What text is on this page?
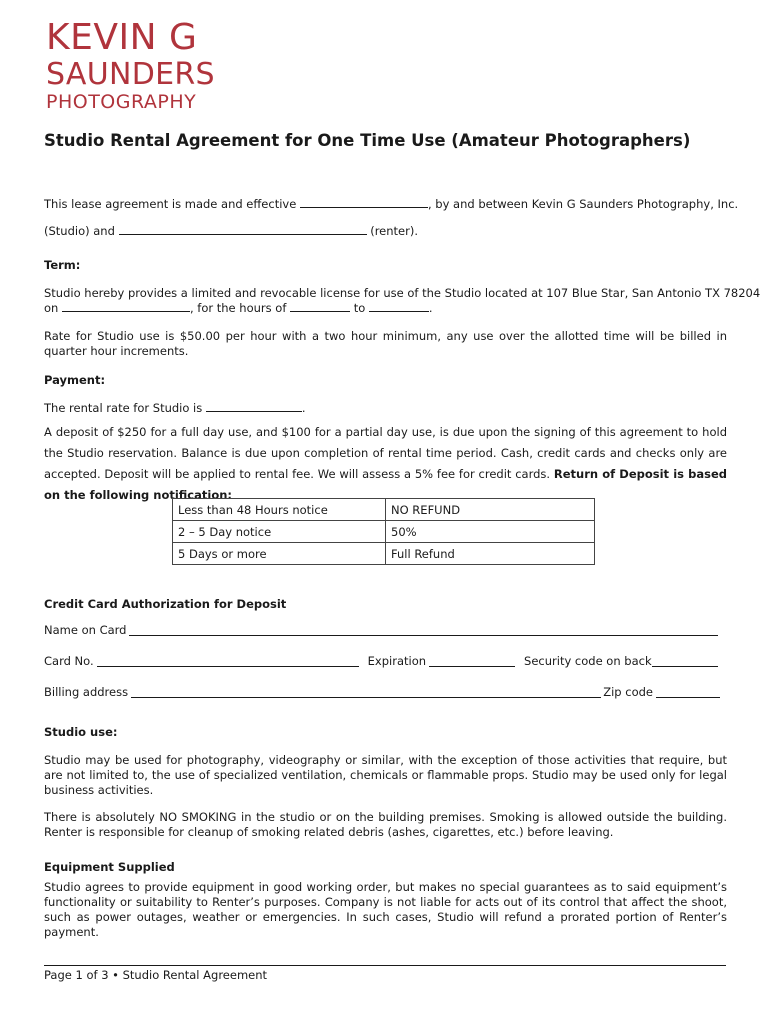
KEVIN G
SAUNDERS
PHOTOGRAPHY
Studio Rental Agreement for One Time Use (Amateur Photographers)
This lease agreement is made and effective	, by and between Kevin G Saunders Photography, Inc.
(Studio) and	(renter).
Term:
Studio hereby provides a limited and revocable license for use of the Studio located at 107 Blue Star, San Antonio TX 78204
on	, for the hours of	to	.
Rate for Studio use is $50.00 per hour with a two hour minimum, any use over the allotted time will be billed in quarter hour increments.
Payment:
The rental rate for Studio is	.
A deposit of $250 for a full day use, and $100 for a partial day use, is due upon the signing of this agreement to hold the Studio reservation. Balance is due upon completion of rental time period. Cash, credit cards and checks only are accepted. Deposit will be applied to rental fee. We will assess a 5% fee for credit cards. Return of Deposit is based on the following notification:
Less than 48 Hours notice	NO REFUND
2 – 5 Day notice	50%
5 Days or more	Full Refund
Credit Card Authorization for Deposit
Name on Card
Card No.	Expiration	Security code on back
Billing address	Zip code
Studio use:
Studio may be used for photography, videography or similar, with the exception of those activities that require, but are not limited to, the use of specialized ventilation, chemicals or flammable props. Studio may be used only for legal business activities.
There is absolutely NO SMOKING in the studio or on the building premises. Smoking is allowed outside the building. Renter is responsible for cleanup of smoking related debris (ashes, cigarettes, etc.) before leaving.
Equipment Supplied
Studio agrees to provide equipment in good working order, but makes no special guarantees as to said equipment’s functionality or suitability to Renter’s purposes. Company is not liable for acts out of its control that affect the shoot, such as power outages, weather or emergencies. In such cases, Studio will refund a prorated portion of Renter’s payment.
Page 1 of 3 • Studio Rental Agreement
